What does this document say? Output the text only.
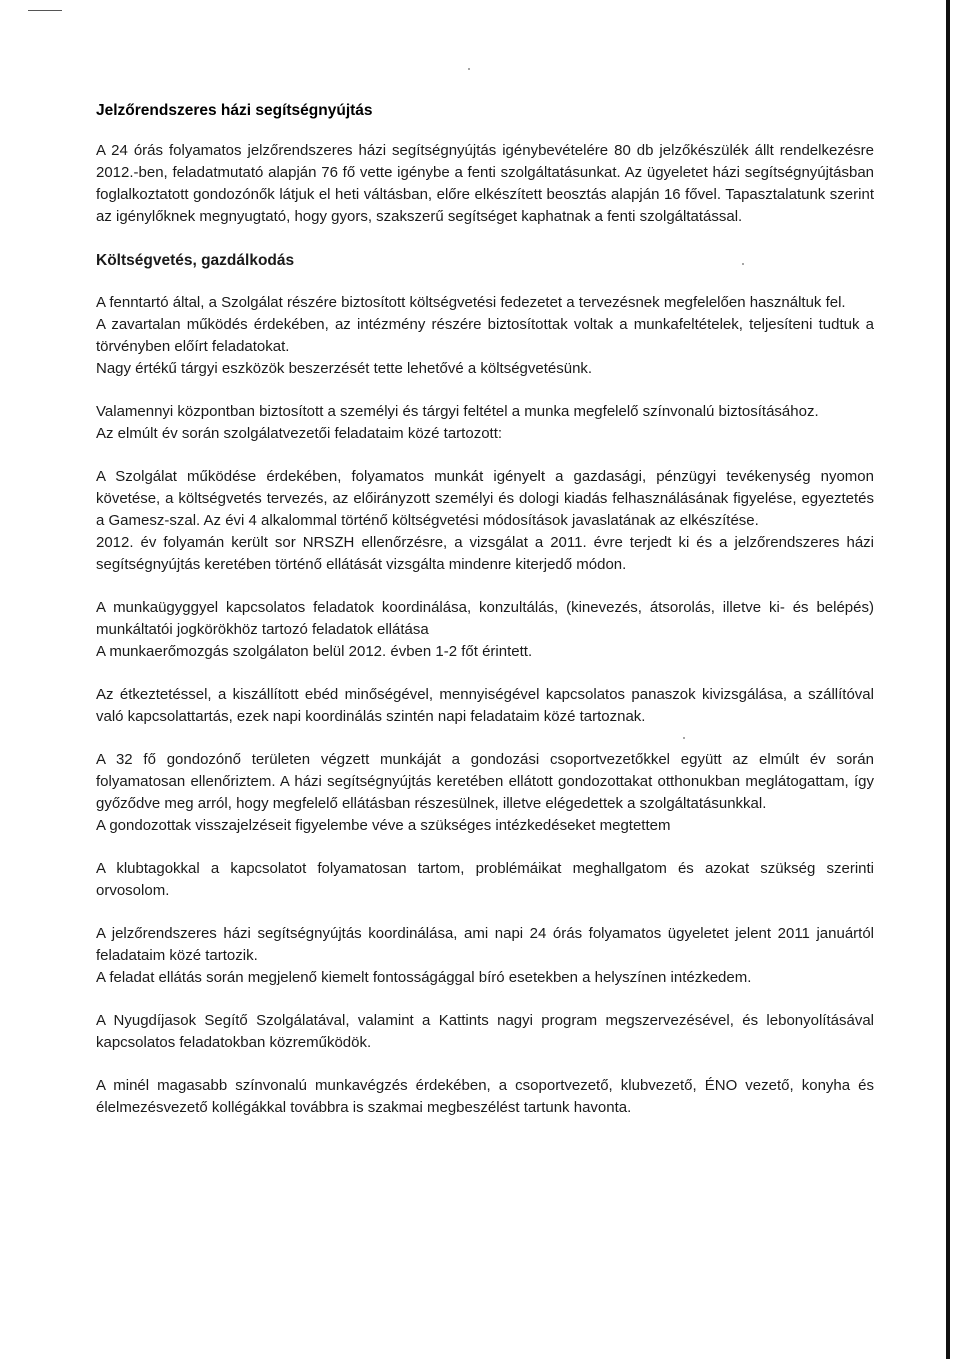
Jelzőrendszeres házi segítségnyújtás

A 24 órás folyamatos jelzőrendszeres házi segítségnyújtás igénybevételére 80 db jelzőkészülék állt rendelkezésre 2012.-ben, feladatmutató alapján 76 fő vette igénybe a fenti szolgáltatásunkat. Az ügyeletet házi segítségnyújtásban foglalkoztatott gondozónők látjuk el heti váltásban, előre elkészített beosztás alapján 16 fővel. Tapasztalatunk szerint az igénylőknek megnyugtató, hogy gyors, szakszerű segítséget kaphatnak a fenti szolgáltatással.

Költségvetés, gazdálkodás

A fenntartó által, a Szolgálat részére biztosított költségvetési fedezetet a tervezésnek megfelelően használtuk fel.

A zavartalan működés érdekében, az intézmény részére biztosítottak voltak a munkafeltételek, teljesíteni tudtuk a törvényben előírt feladatokat.

Nagy értékű tárgyi eszközök beszerzését tette lehetővé a költségvetésünk.

Valamennyi központban biztosított a személyi és tárgyi feltétel a munka megfelelő színvonalú biztosításához.

Az elmúlt év során szolgálatvezetői feladataim közé tartozott:

A Szolgálat működése érdekében, folyamatos munkát igényelt a gazdasági, pénzügyi tevékenység nyomon követése, a költségvetés tervezés, az előirányzott személyi és dologi kiadás felhasználásának figyelése, egyeztetés a Gamesz-szal. Az évi 4 alkalommal történő költségvetési módosítások javaslatának az elkészítése.

2012. év folyamán került sor NRSZH ellenőrzésre, a vizsgálat a 2011. évre terjedt ki és a jelzőrendszeres házi segítségnyújtás keretében történő ellátását vizsgálta mindenre kiterjedő módon.

A munkaügyggyel kapcsolatos feladatok koordinálása, konzultálás, (kinevezés, átsorolás, illetve ki- és belépés) munkáltatói jogkörökhöz tartozó feladatok ellátása

A munkaerőmozgás szolgálaton belül 2012. évben 1-2 főt érintett.

Az étkeztetéssel, a kiszállított ebéd minőségével, mennyiségével kapcsolatos panaszok kivizsgálása, a szállítóval való kapcsolattartás, ezek napi koordinálás szintén napi feladataim közé tartoznak.

A 32 fő gondozónő területen végzett munkáját a gondozási csoportvezetőkkel együtt az elmúlt év során folyamatosan ellenőriztem. A házi segítségnyújtás keretében ellátott gondozottakat otthonukban meglátogattam, így győződve meg arról, hogy megfelelő ellátásban részesülnek, illetve elégedettek a szolgáltatásunkkal.

A gondozottak visszajelzéseit figyelembe véve a szükséges intézkedéseket megtettem

A klubtagokkal a kapcsolatot folyamatosan tartom, problémáikat meghallgatom és azokat szükség szerinti orvosolom.

A jelzőrendszeres házi segítségnyújtás koordinálása, ami napi 24 órás folyamatos ügyeletet jelent 2011 januártól feladataim közé tartozik.

A feladat ellátás során megjelenő kiemelt fontosságággal bíró esetekben a helyszínen intézkedem.

A Nyugdíjasok Segítő Szolgálatával, valamint a Kattints nagyi program megszervezésével, és lebonyolításával kapcsolatos feladatokban közreműködök.

A minél magasabb színvonalú munkavégzés érdekében, a csoportvezető, klubvezető, ÉNO vezető, konyha és élelmezésvezető kollégákkal továbbra is szakmai megbeszélést tartunk havonta.
